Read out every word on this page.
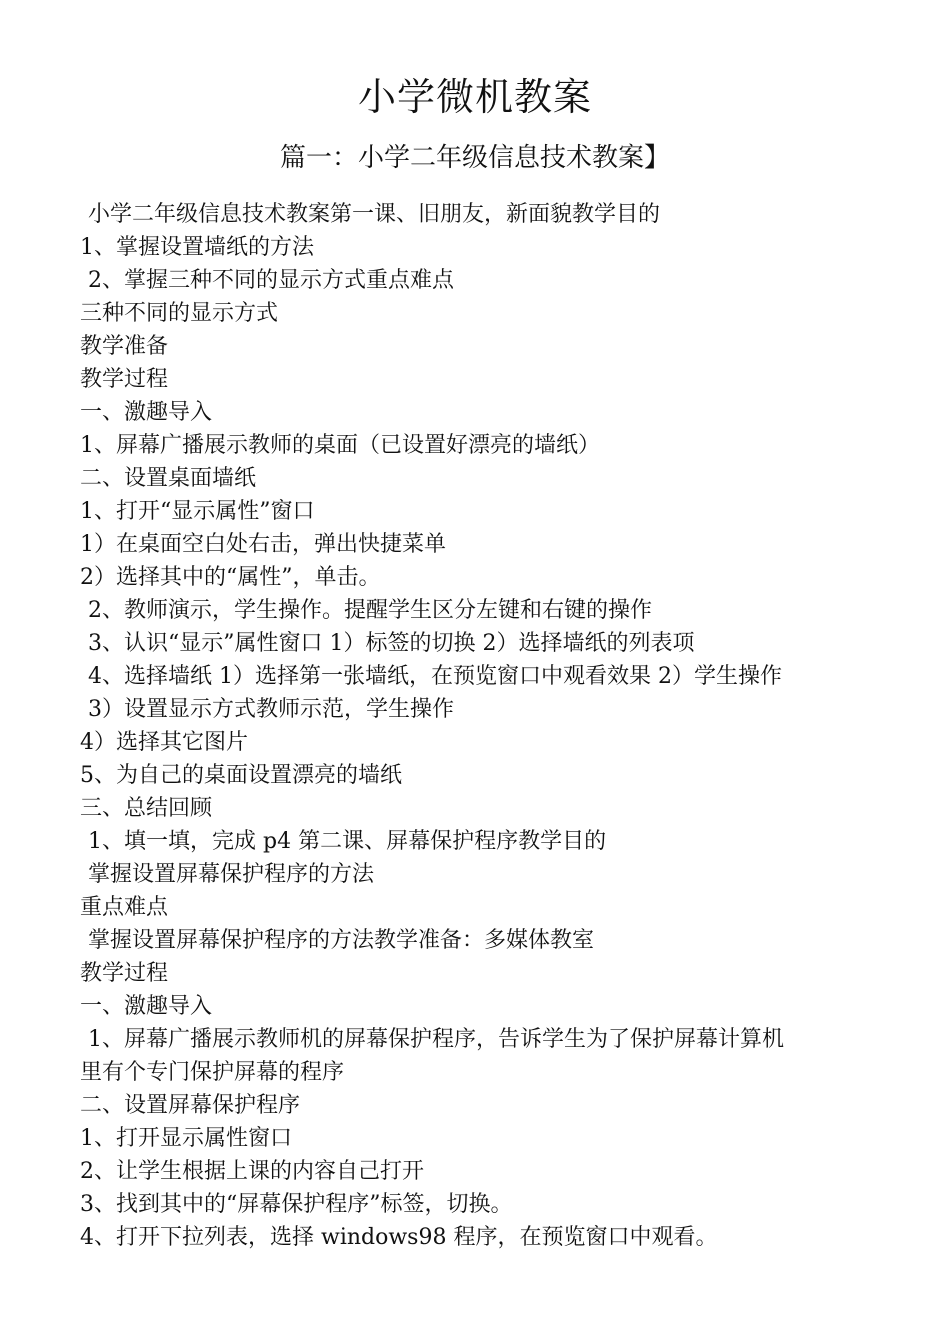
小学微机教案
篇一：小学二年级信息技术教案】
小学二年级信息技术教案第一课、旧朋友，新面貌教学目的
1、掌握设置墙纸的方法
2、掌握三种不同的显示方式重点难点
三种不同的显示方式
教学准备
教学过程
一、激趣导入
1、屏幕广播展示教师的桌面（已设置好漂亮的墙纸）
二、设置桌面墙纸
1、打开“显示属性”窗口
1）在桌面空白处右击，弹出快捷菜单
2）选择其中的“属性”，单击。
2、教师演示，学生操作。提醒学生区分左键和右键的操作
3、认识“显示”属性窗口 1）标签的切换 2）选择墙纸的列表项
4、选择墙纸 1）选择第一张墙纸，在预览窗口中观看效果 2）学生操作
3）设置显示方式教师示范，学生操作
4）选择其它图片
5、为自己的桌面设置漂亮的墙纸
三、总结回顾
1、填一填，完成 p4 第二课、屏幕保护程序教学目的
掌握设置屏幕保护程序的方法
重点难点
掌握设置屏幕保护程序的方法教学准备：多媒体教室
教学过程
一、激趣导入
1、屏幕广播展示教师机的屏幕保护程序，告诉学生为了保护屏幕计算机
里有个专门保护屏幕的程序
二、设置屏幕保护程序
1、打开显示属性窗口
2、让学生根据上课的内容自己打开
3、找到其中的“屏幕保护程序”标签，切换。
4、打开下拉列表，选择 windows98 程序，在预览窗口中观看。
